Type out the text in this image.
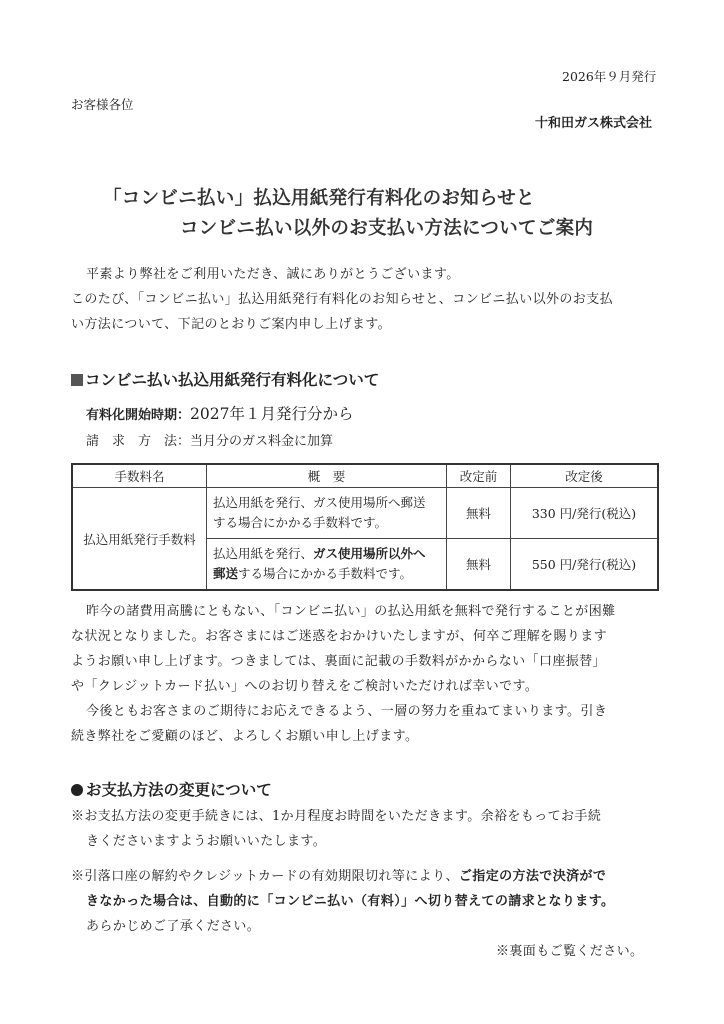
2026年９月発行
お客様各位
十和田ガス株式会社
「コンビニ払い」払込用紙発行有料化のお知らせと
コンビニ払い以外のお支払い方法についてご案内
平素より弊社をご利用いただき、誠にありがとうございます。
このたび、「コンビニ払い」払込用紙発行有料化のお知らせと、コンビニ払い以外のお支払
い方法について、下記のとおりご案内申し上げます。
コンビニ払い払込用紙発行有料化について
有料化開始時期：2027年１月発行分から
請　求　方　法：当月分のガス料金に加算
手数料名	概　要	改定前	改定後
払込用紙発行手数料	払込用紙を発行、ガス使用場所へ郵送
する場合にかかる手数料です。	無料	330 円/発行(税込)

	払込用紙を発行、ガス使用場所以外へ
郵送する場合にかかる手数料です。	無料	550 円/発行(税込)
昨今の諸費用高騰にともない、「コンビニ払い」の払込用紙を無料で発行することが困難
な状況となりました。お客さまにはご迷惑をおかけいたしますが、何卒ご理解を賜ります
ようお願い申し上げます。つきましては、裏面に記載の手数料がかからない「口座振替」
や「クレジットカード払い」へのお切り替えをご検討いただければ幸いです。
今後ともお客さまのご期待にお応えできるよう、一層の努力を重ねてまいります。引き
続き弊社をご愛顧のほど、よろしくお願い申し上げます。
お支払方法の変更について
※お支払方法の変更手続きには、1か月程度お時間をいただきます。余裕をもってお手続
きくださいますようお願いいたします。
※引落口座の解約やクレジットカードの有効期限切れ等により、ご指定の方法で決済がで
きなかった場合は、自動的に「コンビニ払い（有料）」へ切り替えての請求となります。
あらかじめご了承ください。
※裏面もご覧ください。
